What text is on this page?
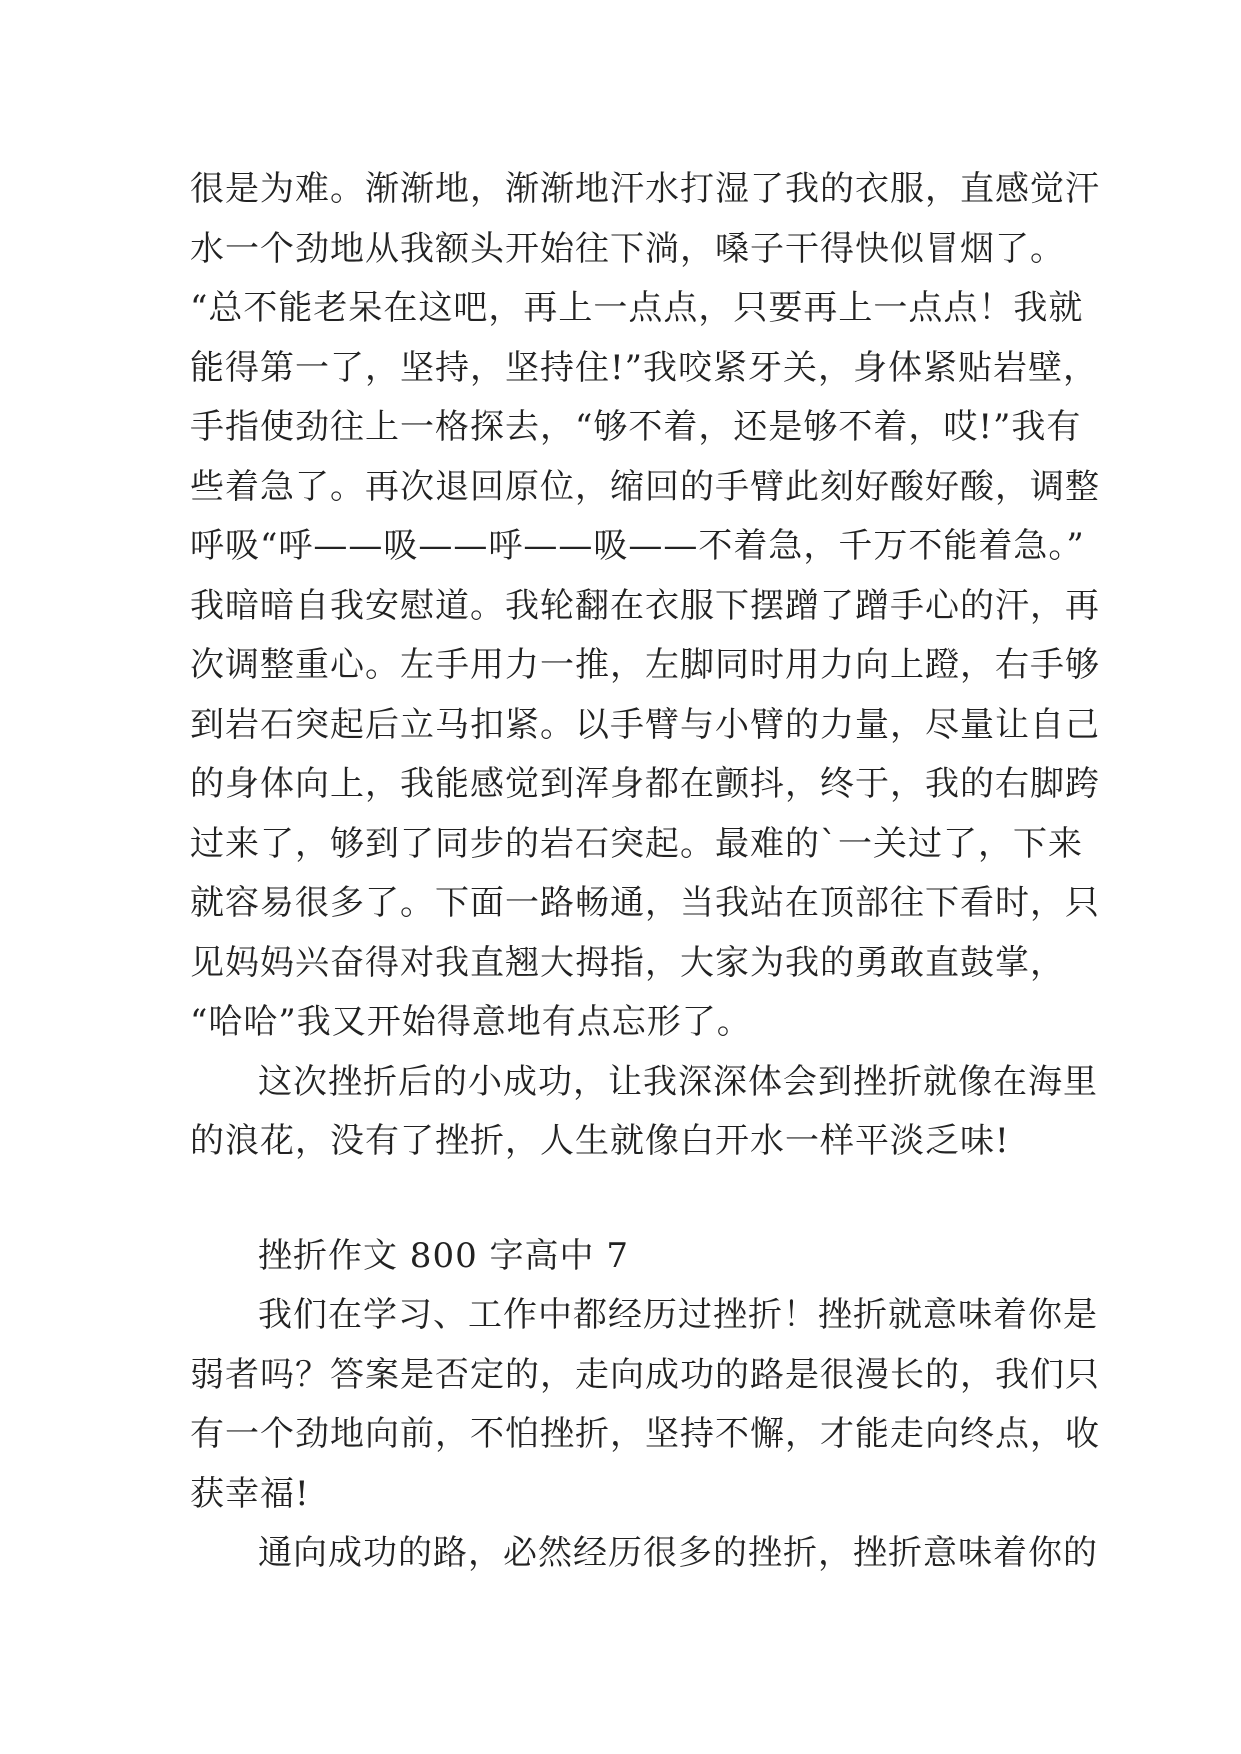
很是为难。渐渐地，渐渐地汗水打湿了我的衣服，直感觉汗
水一个劲地从我额头开始往下淌，嗓子干得快似冒烟了。
“总不能老呆在这吧，再上一点点，只要再上一点点！我就
能得第一了，坚持，坚持住!”我咬紧牙关，身体紧贴岩壁，
手指使劲往上一格探去，“够不着，还是够不着，哎!”我有
些着急了。再次退回原位，缩回的手臂此刻好酸好酸，调整
呼吸“呼——吸——呼——吸——不着急，千万不能着急。”
我暗暗自我安慰道。我轮翻在衣服下摆蹭了蹭手心的汗，再
次调整重心。左手用力一推，左脚同时用力向上蹬，右手够
到岩石突起后立马扣紧。以手臂与小臂的力量，尽量让自己
的身体向上，我能感觉到浑身都在颤抖，终于，我的右脚跨
过来了，够到了同步的岩石突起。最难的`一关过了，下来
就容易很多了。下面一路畅通，当我站在顶部往下看时，只
见妈妈兴奋得对我直翘大拇指，大家为我的勇敢直鼓掌，
“哈哈”我又开始得意地有点忘形了。
这次挫折后的小成功，让我深深体会到挫折就像在海里
的浪花，没有了挫折，人生就像白开水一样平淡乏味!
挫折作文 800 字高中 7
我们在学习、工作中都经历过挫折！挫折就意味着你是
弱者吗？答案是否定的，走向成功的路是很漫长的，我们只
有一个劲地向前，不怕挫折，坚持不懈，才能走向终点，收
获幸福!
通向成功的路，必然经历很多的挫折，挫折意味着你的
